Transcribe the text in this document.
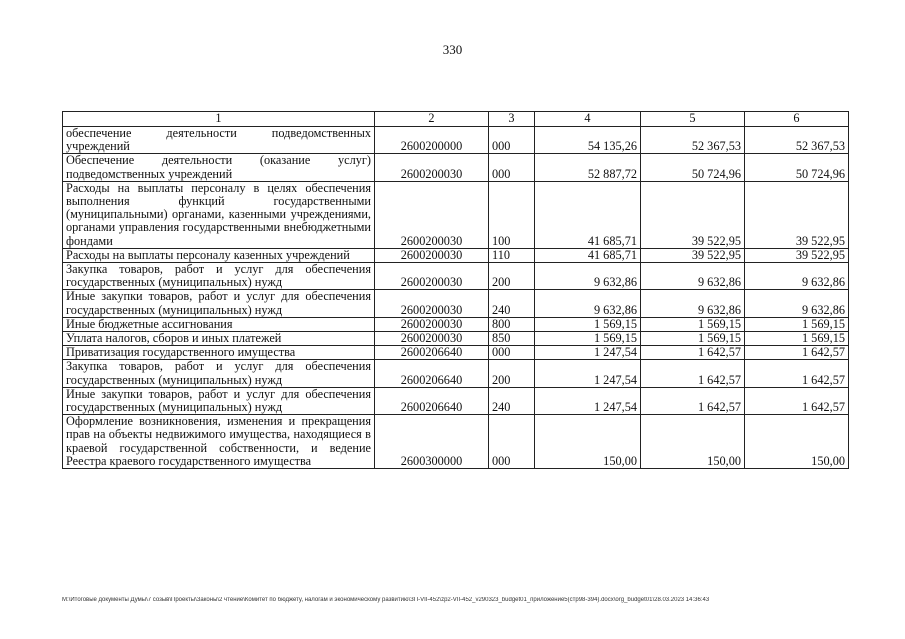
330
1	2	3	4	5	6
обеспечение деятельности подведомственных учреждений	2600200000	000	54 135,26	52 367,53	52 367,53
Обеспечение деятельности (оказание услуг) подведомственных учреждений	2600200030	000	52 887,72	50 724,96	50 724,96
Расходы на выплаты персоналу в целях обеспечения выполнения функций государственными (муниципальными) органами, казенными учреждениями, органами управления государственными внебюджетными фондами	2600200030	100	41 685,71	39 522,95	39 522,95
Расходы на выплаты персоналу казенных учреждений	2600200030	110	41 685,71	39 522,95	39 522,95
Закупка товаров, работ и услуг для обеспечения государственных (муниципальных) нужд	2600200030	200	9 632,86	9 632,86	9 632,86
Иные закупки товаров, работ и услуг для обеспечения государственных (муниципальных) нужд	2600200030	240	9 632,86	9 632,86	9 632,86
Иные бюджетные ассигнования	2600200030	800	1 569,15	1 569,15	1 569,15
Уплата налогов, сборов и иных платежей	2600200030	850	1 569,15	1 569,15	1 569,15
Приватизация государственного имущества	2600206640	000	1 247,54	1 642,57	1 642,57
Закупка товаров, работ и услуг для обеспечения государственных (муниципальных) нужд	2600206640	200	1 247,54	1 642,57	1 642,57
Иные закупки товаров, работ и услуг для обеспечения государственных (муниципальных) нужд	2600206640	240	1 247,54	1 642,57	1 642,57
Оформление возникновения, изменения и прекращения прав на объекты недвижимого имущества, находящиеся в краевой государственной собственности, и ведение Реестра краевого государственного имущества	2600300000	000	150,00	150,00	150,00
M:\Итоговые документы Думы\7 созыв\Проекты\Законы\2 чтение\Комитет по бюджету, налогам и экономическому развитию\ЗП-VII-452\zp2-VII-452_v290323_budget01_приложение5(стр98-394).docx\org_budget01\28.03.2023 14:36:43
